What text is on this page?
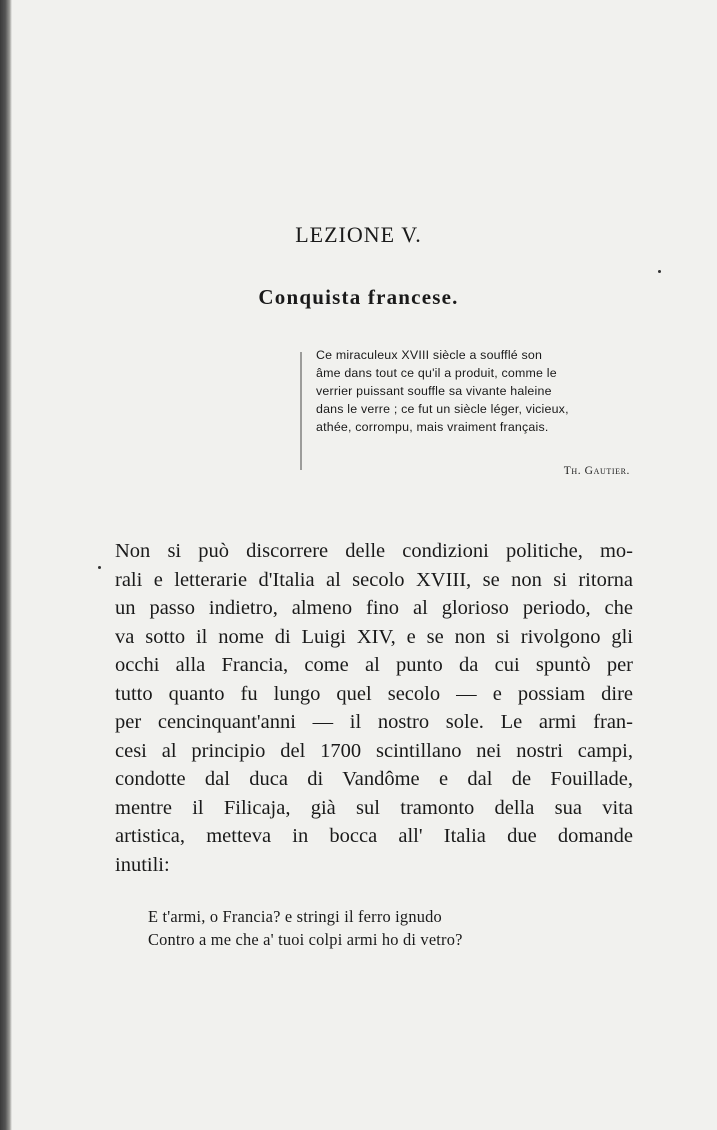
LEZIONE V.
Conquista francese.
Ce miraculeux XVIII siècle a soufflé son
âme dans tout ce qu'il a produit, comme le
verrier puissant souffle sa vivante haleine
dans le verre ; ce fut un siècle léger, vicieux,
athée, corrompu, mais vraiment français.
Th. Gautier.
Non si può discorrere delle condizioni politiche, mo-
rali e letterarie d'Italia al secolo XVIII, se non si ritorna
un passo indietro, almeno fino al glorioso periodo, che
va sotto il nome di Luigi XIV, e se non si rivolgono gli
occhi alla Francia, come al punto da cui spuntò per
tutto quanto fu lungo quel secolo — e possiam dire
per cencinquant'anni — il nostro sole. Le armi fran-
cesi al principio del 1700 scintillano nei nostri campi,
condotte dal duca di Vandôme e dal de Fouillade,
mentre il Filicaja, già sul tramonto della sua vita
artistica, metteva in bocca all' Italia due domande
inutili:
E t'armi, o Francia? e stringi il ferro ignudo
Contro a me che a' tuoi colpi armi ho di vetro?
